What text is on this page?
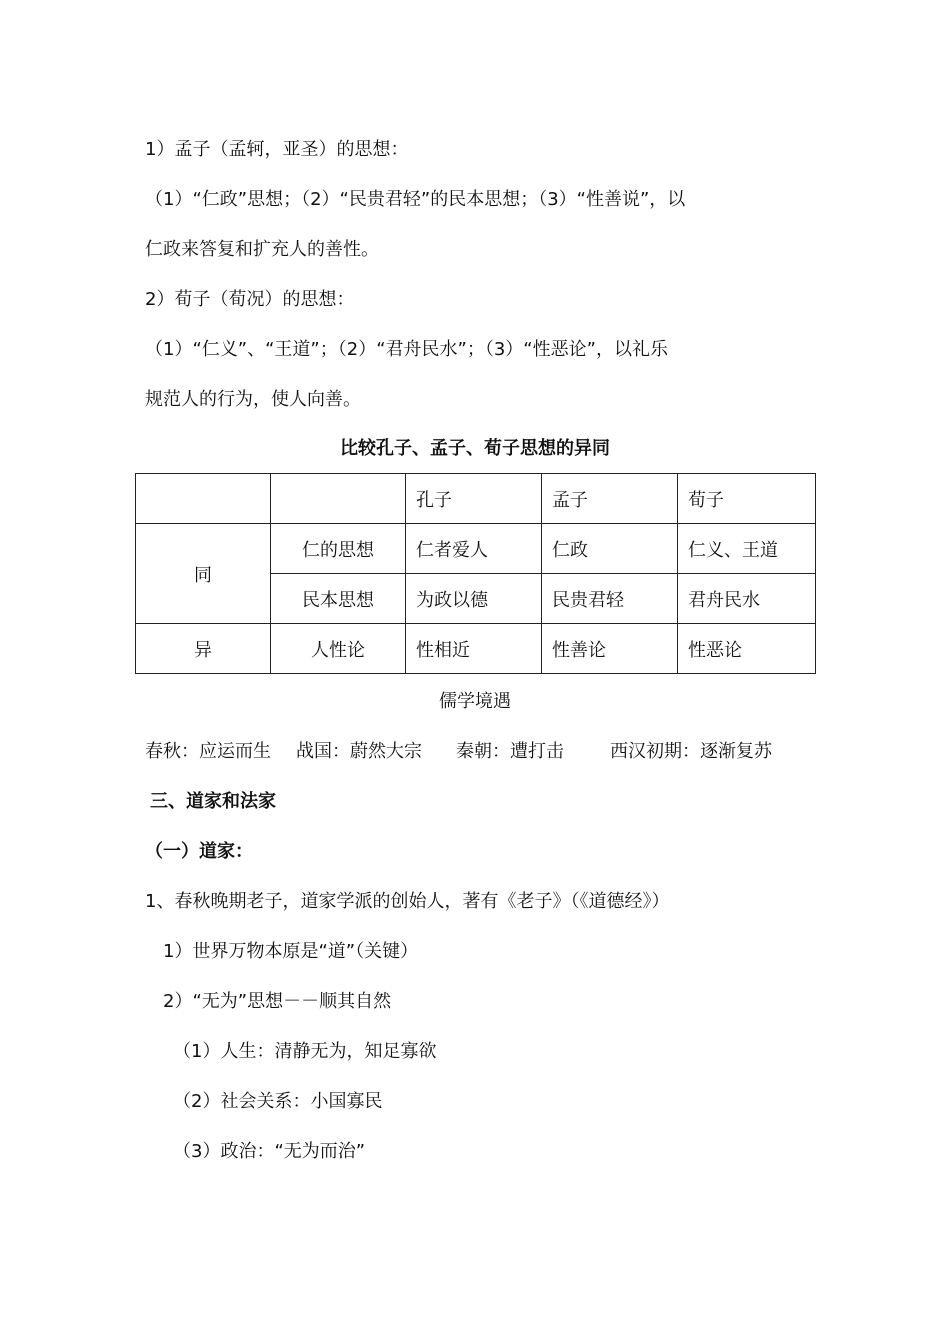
1）孟子（孟轲，亚圣）的思想：
（1）“仁政”思想；（2）“民贵君轻”的民本思想；（3）“性善说”，以
仁政来答复和扩充人的善性。
2）荀子（荀况）的思想：
（1）“仁义”、“王道”；（2）“君舟民水”；（3）“性恶论”，以礼乐
规范人的行为，使人向善。
比较孔子、孟子、荀子思想的异同
		孔子	孟子	荀子
同	仁的思想	仁者爱人	仁政	仁义、王道
	民本思想	为政以德	民贵君轻	君舟民水
异	人性论	性相近	性善论	性恶论
儒学境遇
春秋：应运而生 战国：蔚然大宗 秦朝：遭打击	西汉初期：逐渐复苏
三、道家和法家
（一）道家：
1、春秋晚期老子，道家学派的创始人，著有《老子》（《道德经》）
1）世界万物本原是“道”（关键）
2）“无为”思想－－顺其自然
（1）人生：清静无为，知足寡欲
（2）社会关系：小国寡民
（3）政治：“无为而治”
